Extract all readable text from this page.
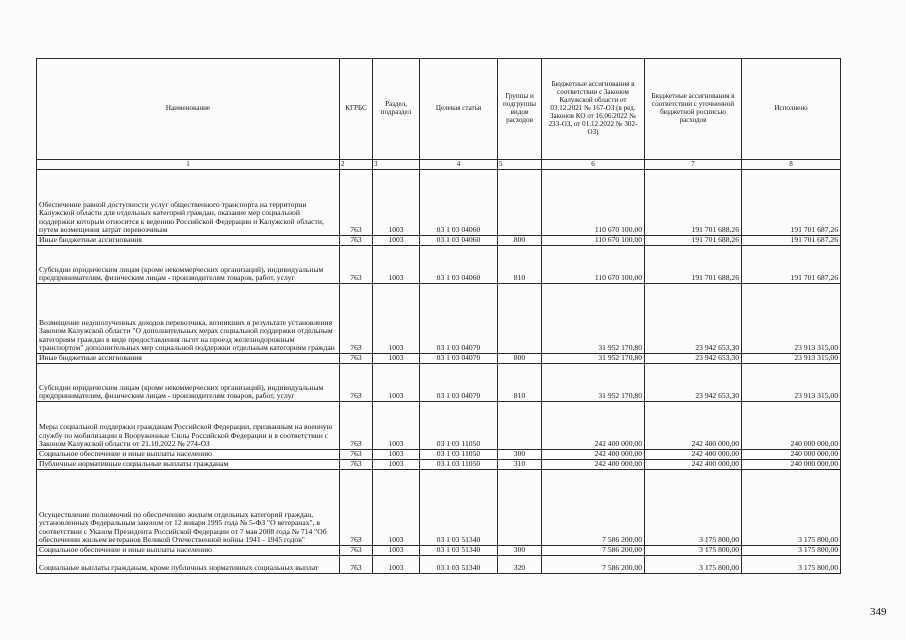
Наименование	КГРБС	Раздел, подраздел	Целевая статья	Группы и подгруппы видов расходов	Бюджетные ассигнования в соответствии с Законом Калужской области от 03.12.2021 № 167-ОЗ (в ред. Законов КО от 16.06.2022 № 233-ОЗ, от 01.12.2022 № 302-ОЗ)	Бюджетные ассигнования в соответствии с уточненной бюджетной росписью расходов	Исполнено
1	2	3	4	5	6	7	8
Обеспечение равной доступности услуг общественного транспорта на территории Калужской области для отдельных категорий граждан, оказание мер социальной поддержки которым относится к ведению Российской Федерации и Калужской области, путем возмещения затрат перевозчикам	763	1003	03 1 03 04060		110 670 100,00	191 701 688,26	191 701 687,26
Иные бюджетные ассигнования	763	1003	03 1 03 04060	800	110 670 100,00	191 701 688,26	191 701 687,26
Субсидии юридическим лицам (кроме некоммерческих организаций), индивидуальным предпринимателям, физическим лицам - производителям товаров, работ, услуг	763	1003	03 1 03 04060	810	110 670 100,00	191 701 688,26	191 701 687,26
Возмещение недополученных доходов перевозчика, возникших в результате установления Законом Калужской области "О дополнительных мерах социальной поддержки отдельным категориям граждан в виде предоставления льгот на проезд железнодорожным транспортом" дополнительных мер социальной поддержки отдельным категориям граждан	763	1003	03 1 03 04070		31 952 170,80	23 942 653,30	23 913 315,00
Иные бюджетные ассигнования	763	1003	03 1 03 04070	800	31 952 170,80	23 942 653,30	23 913 315,00
Субсидии юридическим лицам (кроме некоммерческих организаций), индивидуальным предпринимателям, физическим лицам - производителям товаров, работ, услуг	763	1003	03 1 03 04070	810	31 952 170,80	23 942 653,30	23 913 315,00
Меры социальной поддержки гражданам Российской Федерации, призванным на военную службу по мобилизации в Вооруженные Силы Российской Федерации и в соответствии с Законом Калужской области от 21.10.2022 № 274-ОЗ	763	1003	03 1 03 11050		242 400 000,00	242 400 000,00	240 000 000,00
Социальное обеспечение и иные выплаты населению	763	1003	03 1 03 11050	300	242 400 000,00	242 400 000,00	240 000 000,00
Публичные нормативные социальные выплаты гражданам	763	1003	03 1 03 11050	310	242 400 000,00	242 400 000,00	240 000 000,00
Осуществление полномочий по обеспечению жильем отдельных категорий граждан, установленных Федеральным законом от 12 января 1995 года № 5-ФЗ "О ветеранах", в соответствии с Указом Президента Российской Федерации от 7 мая 2008 года № 714 "Об обеспечении жильем ветеранов Великой Отечественной войны 1941 - 1945 годов"	763	1003	03 1 03 51340		7 586 200,00	3 175 800,00	3 175 800,00
Социальное обеспечение и иные выплаты населению	763	1003	03 1 03 51340	300	7 586 200,00	3 175 800,00	3 175 800,00
Социальные выплаты гражданам, кроме публичных нормативных социальных выплат	763	1003	03 1 03 51340	320	7 586 200,00	3 175 800,00	3 175 800,00
349
